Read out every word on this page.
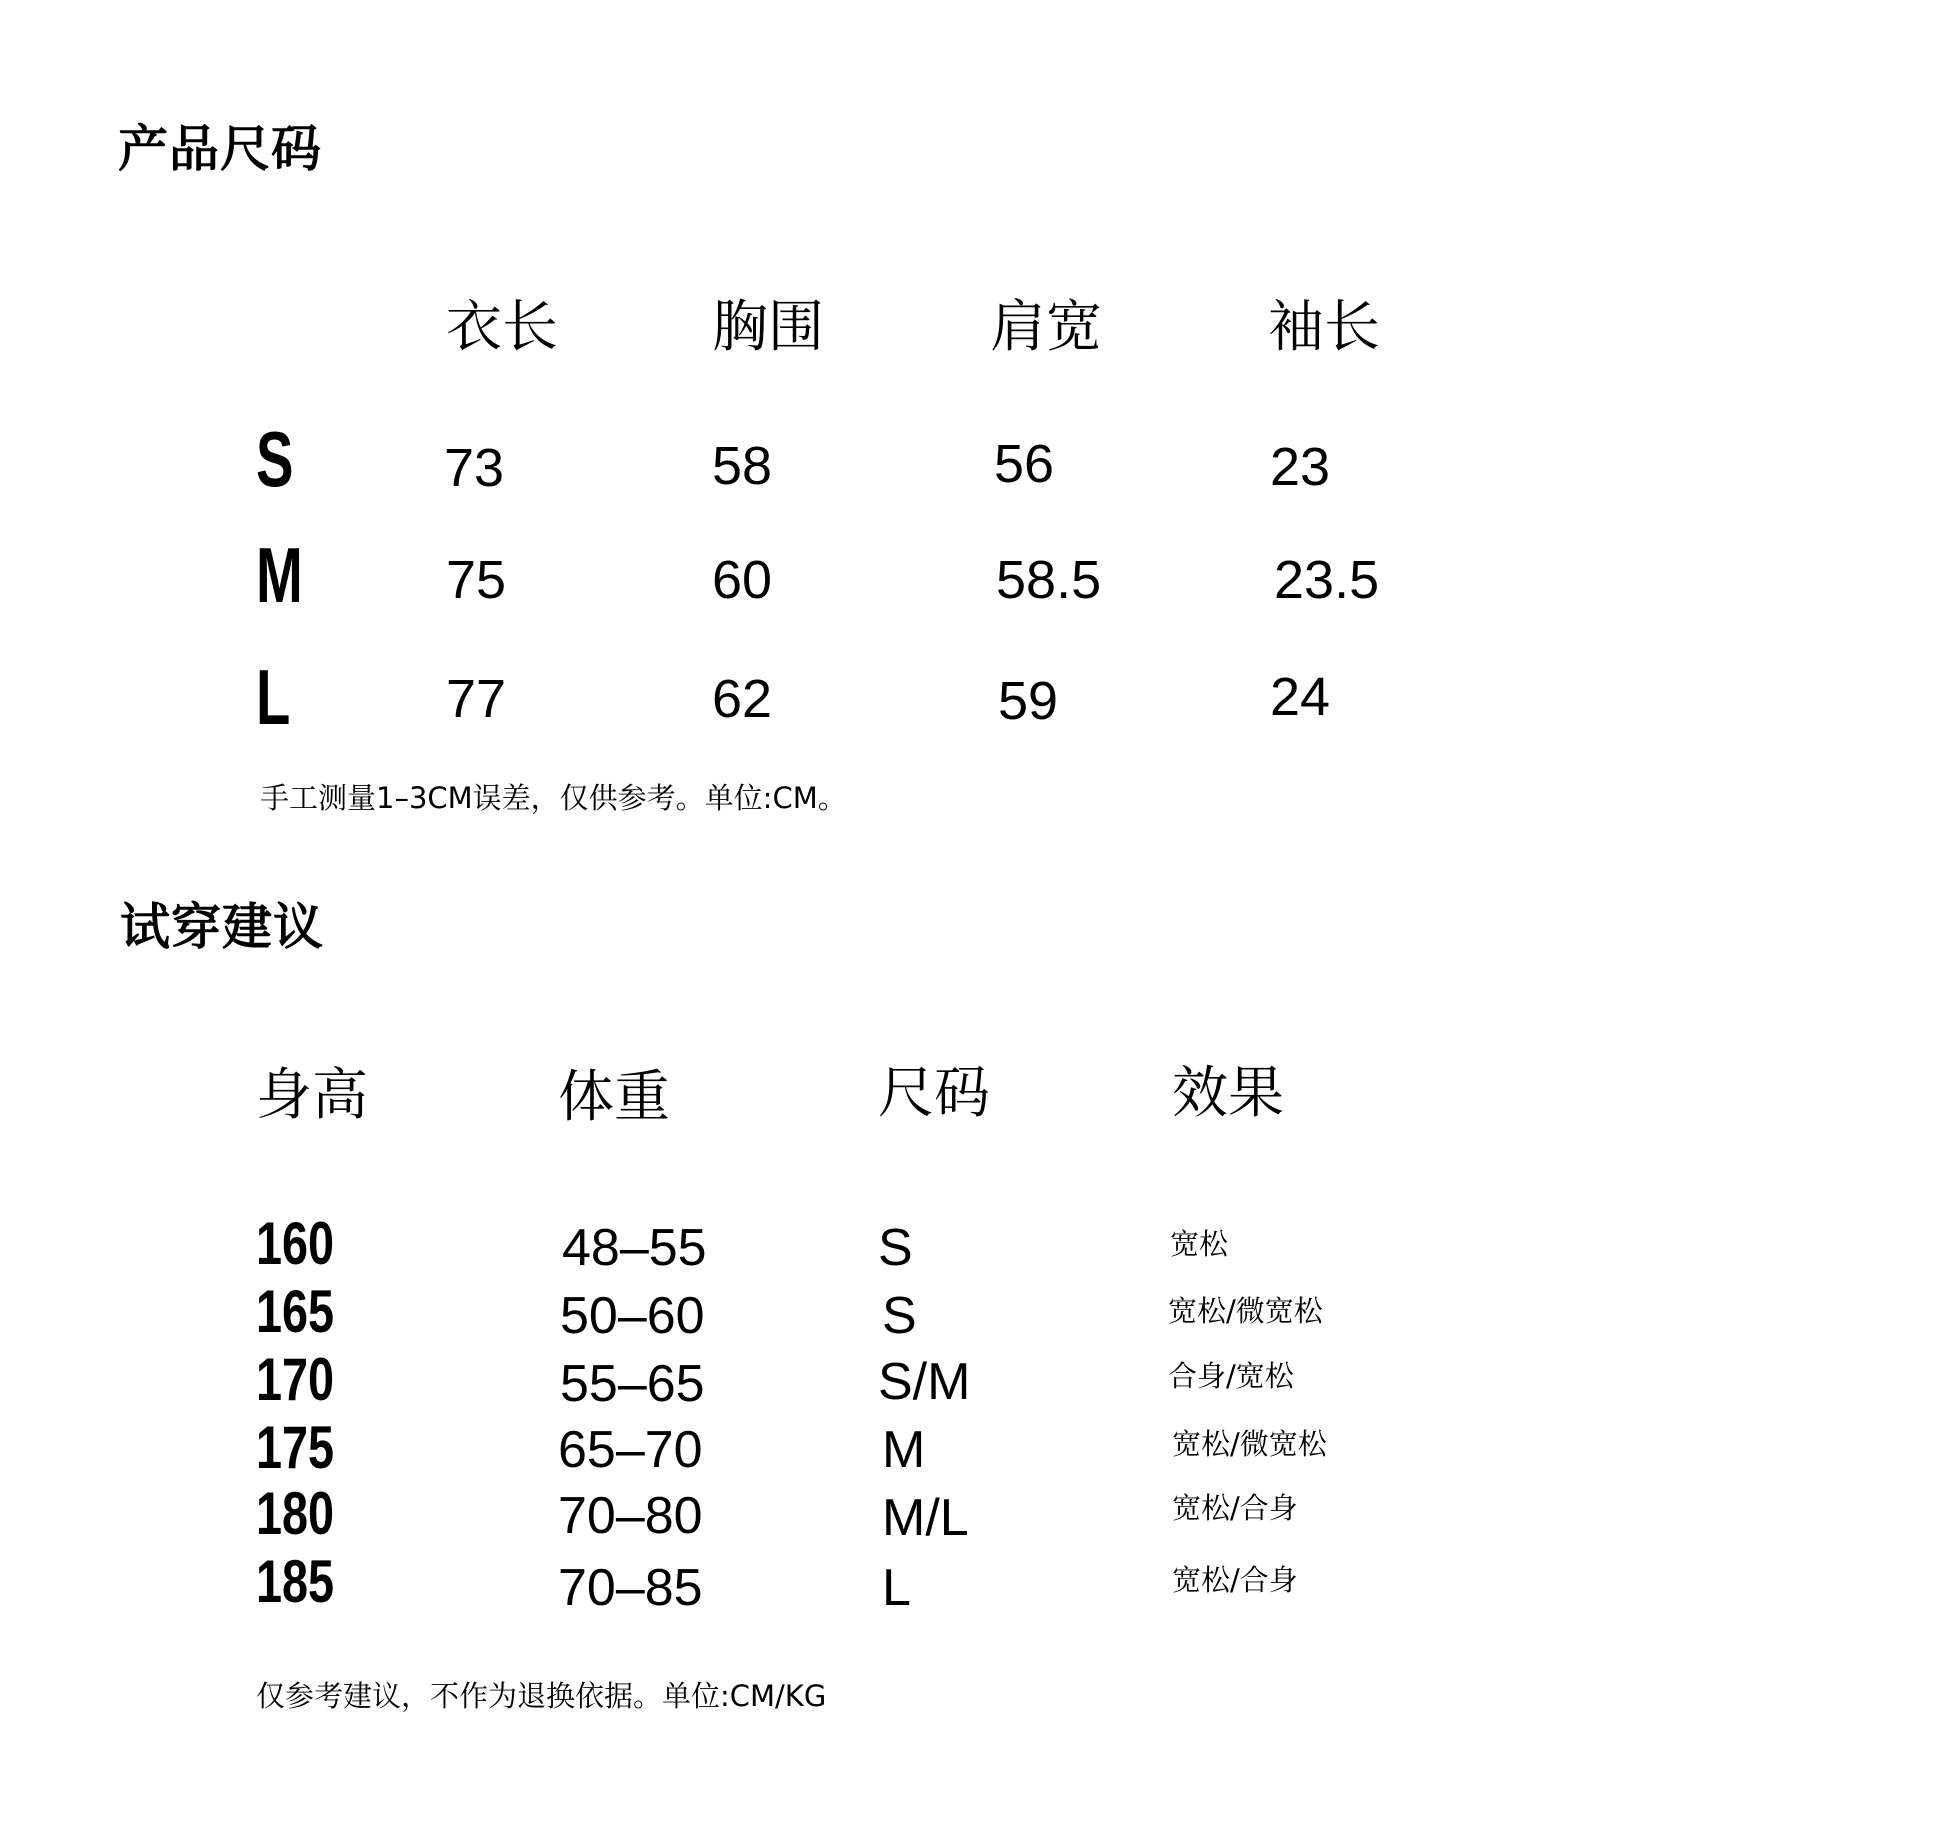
产品尺码
衣长	胸围	肩宽	袖长
S	73	58	56	23
M	75	60	58.5	23.5
L	77	62	59	24
手工测量1–3CM误差，仅供参考。单位:CM。
试穿建议
身高	体重	尺码	效果
160	48–55	S	宽松
165	50–60	S	宽松/微宽松
170	55–65	S/M	合身/宽松
175	65–70	M	宽松/微宽松
180	70–80	M/L	宽松/合身
185	70–85	L	宽松/合身
仅参考建议，不作为退换依据。单位:CM/KG
